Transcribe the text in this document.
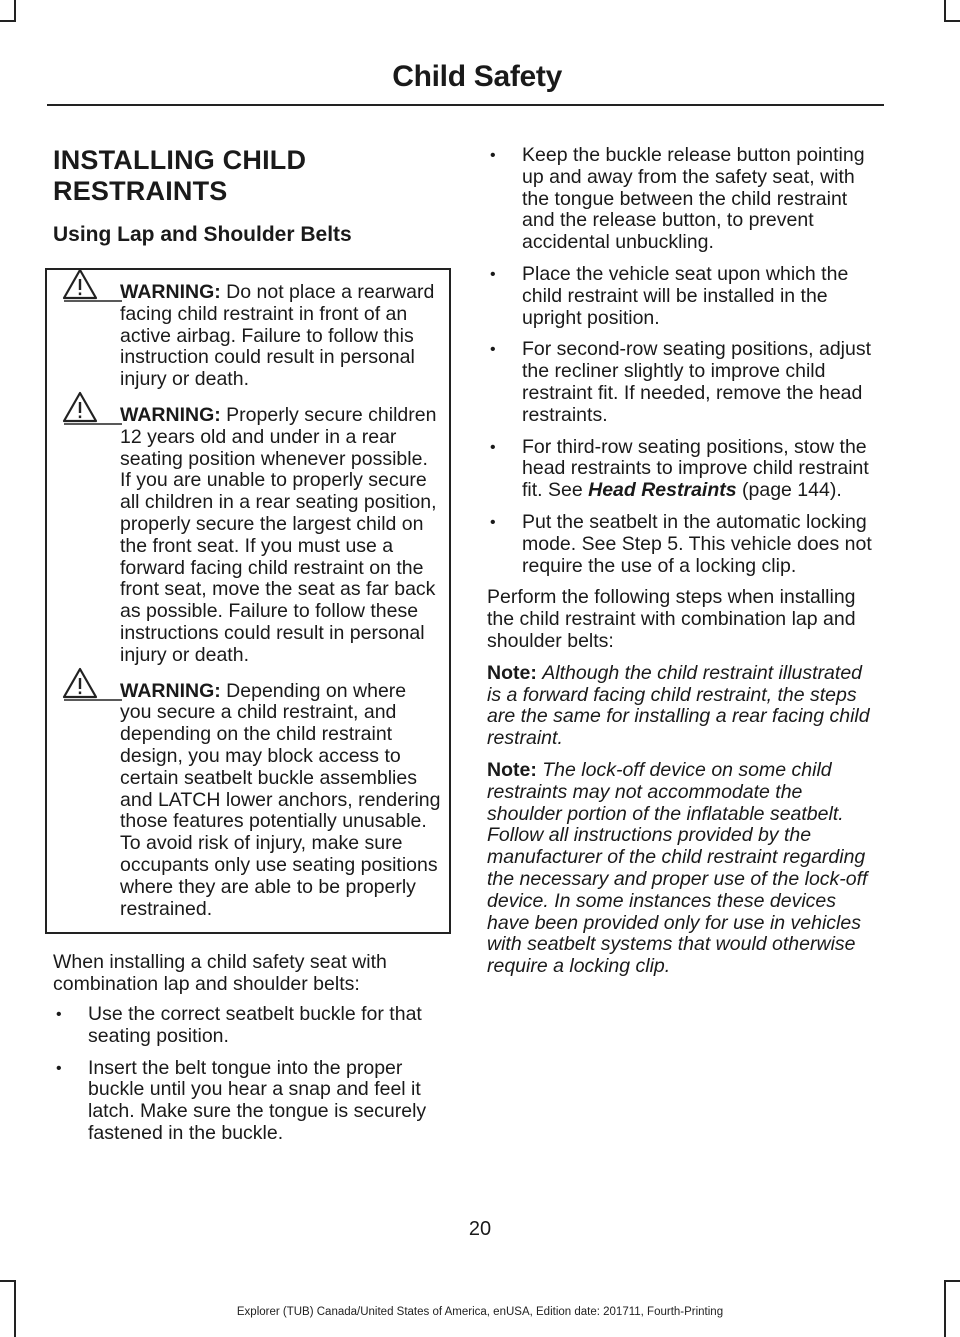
Child Safety
INSTALLING CHILD
RESTRAINTS
Using Lap and Shoulder Belts
WARNING: Do not place a rearward facing child restraint in front of an active airbag. Failure to follow this instruction could result in personal injury or death.
WARNING: Properly secure children 12 years old and under in a rear seating position whenever possible. If you are unable to properly secure all children in a rear seating position, properly secure the largest child on the front seat. If you must use a forward facing child restraint on the front seat, move the seat as far back as possible. Failure to follow these instructions could result in personal injury or death.
WARNING: Depending on where you secure a child restraint, and depending on the child restraint design, you may block access to certain seatbelt buckle assemblies and LATCH lower anchors, rendering those features potentially unusable. To avoid risk of injury, make sure occupants only use seating positions where they are able to be properly restrained.

When installing a child safety seat with combination lap and shoulder belts:

• Use the correct seatbelt buckle for that seating position.
• Insert the belt tongue into the proper buckle until you hear a snap and feel it latch. Make sure the tongue is securely fastened in the buckle.
• Keep the buckle release button pointing up and away from the safety seat, with the tongue between the child restraint and the release button, to prevent accidental unbuckling.
• Place the vehicle seat upon which the child restraint will be installed in the upright position.
• For second-row seating positions, adjust the recliner slightly to improve child restraint fit. If needed, remove the head restraints.
• For third-row seating positions, stow the head restraints to improve child restraint fit. See Head Restraints (page 144).
• Put the seatbelt in the automatic locking mode. See Step 5. This vehicle does not require the use of a locking clip.

Perform the following steps when installing the child restraint with combination lap and shoulder belts:

Note: Although the child restraint illustrated is a forward facing child restraint, the steps are the same for installing a rear facing child restraint.

Note: The lock-off device on some child restraints may not accommodate the shoulder portion of the inflatable seatbelt. Follow all instructions provided by the manufacturer of the child restraint regarding the necessary and proper use of the lock-off device. In some instances these devices have been provided only for use in vehicles with seatbelt systems that would otherwise require a locking clip.

20
Explorer (TUB) Canada/United States of America, enUSA, Edition date: 201711, Fourth-Printing
